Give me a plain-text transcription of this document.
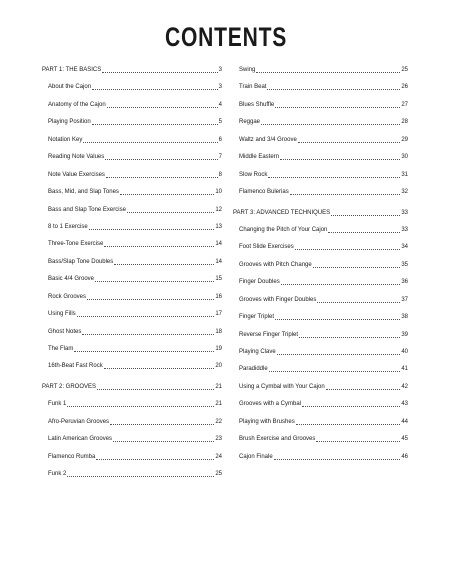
CONTENTS
PART 1: THE BASICS	3
About the Cajon	3
Anatomy of the Cajon	4
Playing Position	5
Notation Key	6
Reading Note Values	7
Note Value Exercises	8
Bass, Mid, and Slap Tones	10
Bass and Slap Tone Exercise	12
8 to 1 Exercise	13
Three-Tone Exercise	14
Bass/Slap Tone Doubles	14
Basic 4/4 Groove	15
Rock Grooves	16
Using Fills	17
Ghost Notes	18
The Flam	19
16th-Beat Fast Rock	20
PART 2: GROOVES	21
Funk 1	21
Afro-Peruvian Grooves	22
Latin American Grooves	23
Flamenco Rumba	24
Funk 2	25
Swing	25
Train Beat	26
Blues Shuffle	27
Reggae	28
Waltz and 3/4 Groove	29
Middle Eastern	30
Slow Rock	31
Flamenco Bulerias	32
PART 3: ADVANCED TECHNIQUES	33
Changing the Pitch of Your Cajon	33
Foot Slide Exercises	34
Grooves with Pitch Change	35
Finger Doubles	36
Grooves with Finger Doubles	37
Finger Triplet	38
Reverse Finger Triplet	39
Playing Clave	40
Paradiddle	41
Using a Cymbal with Your Cajon	42
Grooves with a Cymbal	43
Playing with Brushes	44
Brush Exercise and Grooves	45
Cajon Finale	46
